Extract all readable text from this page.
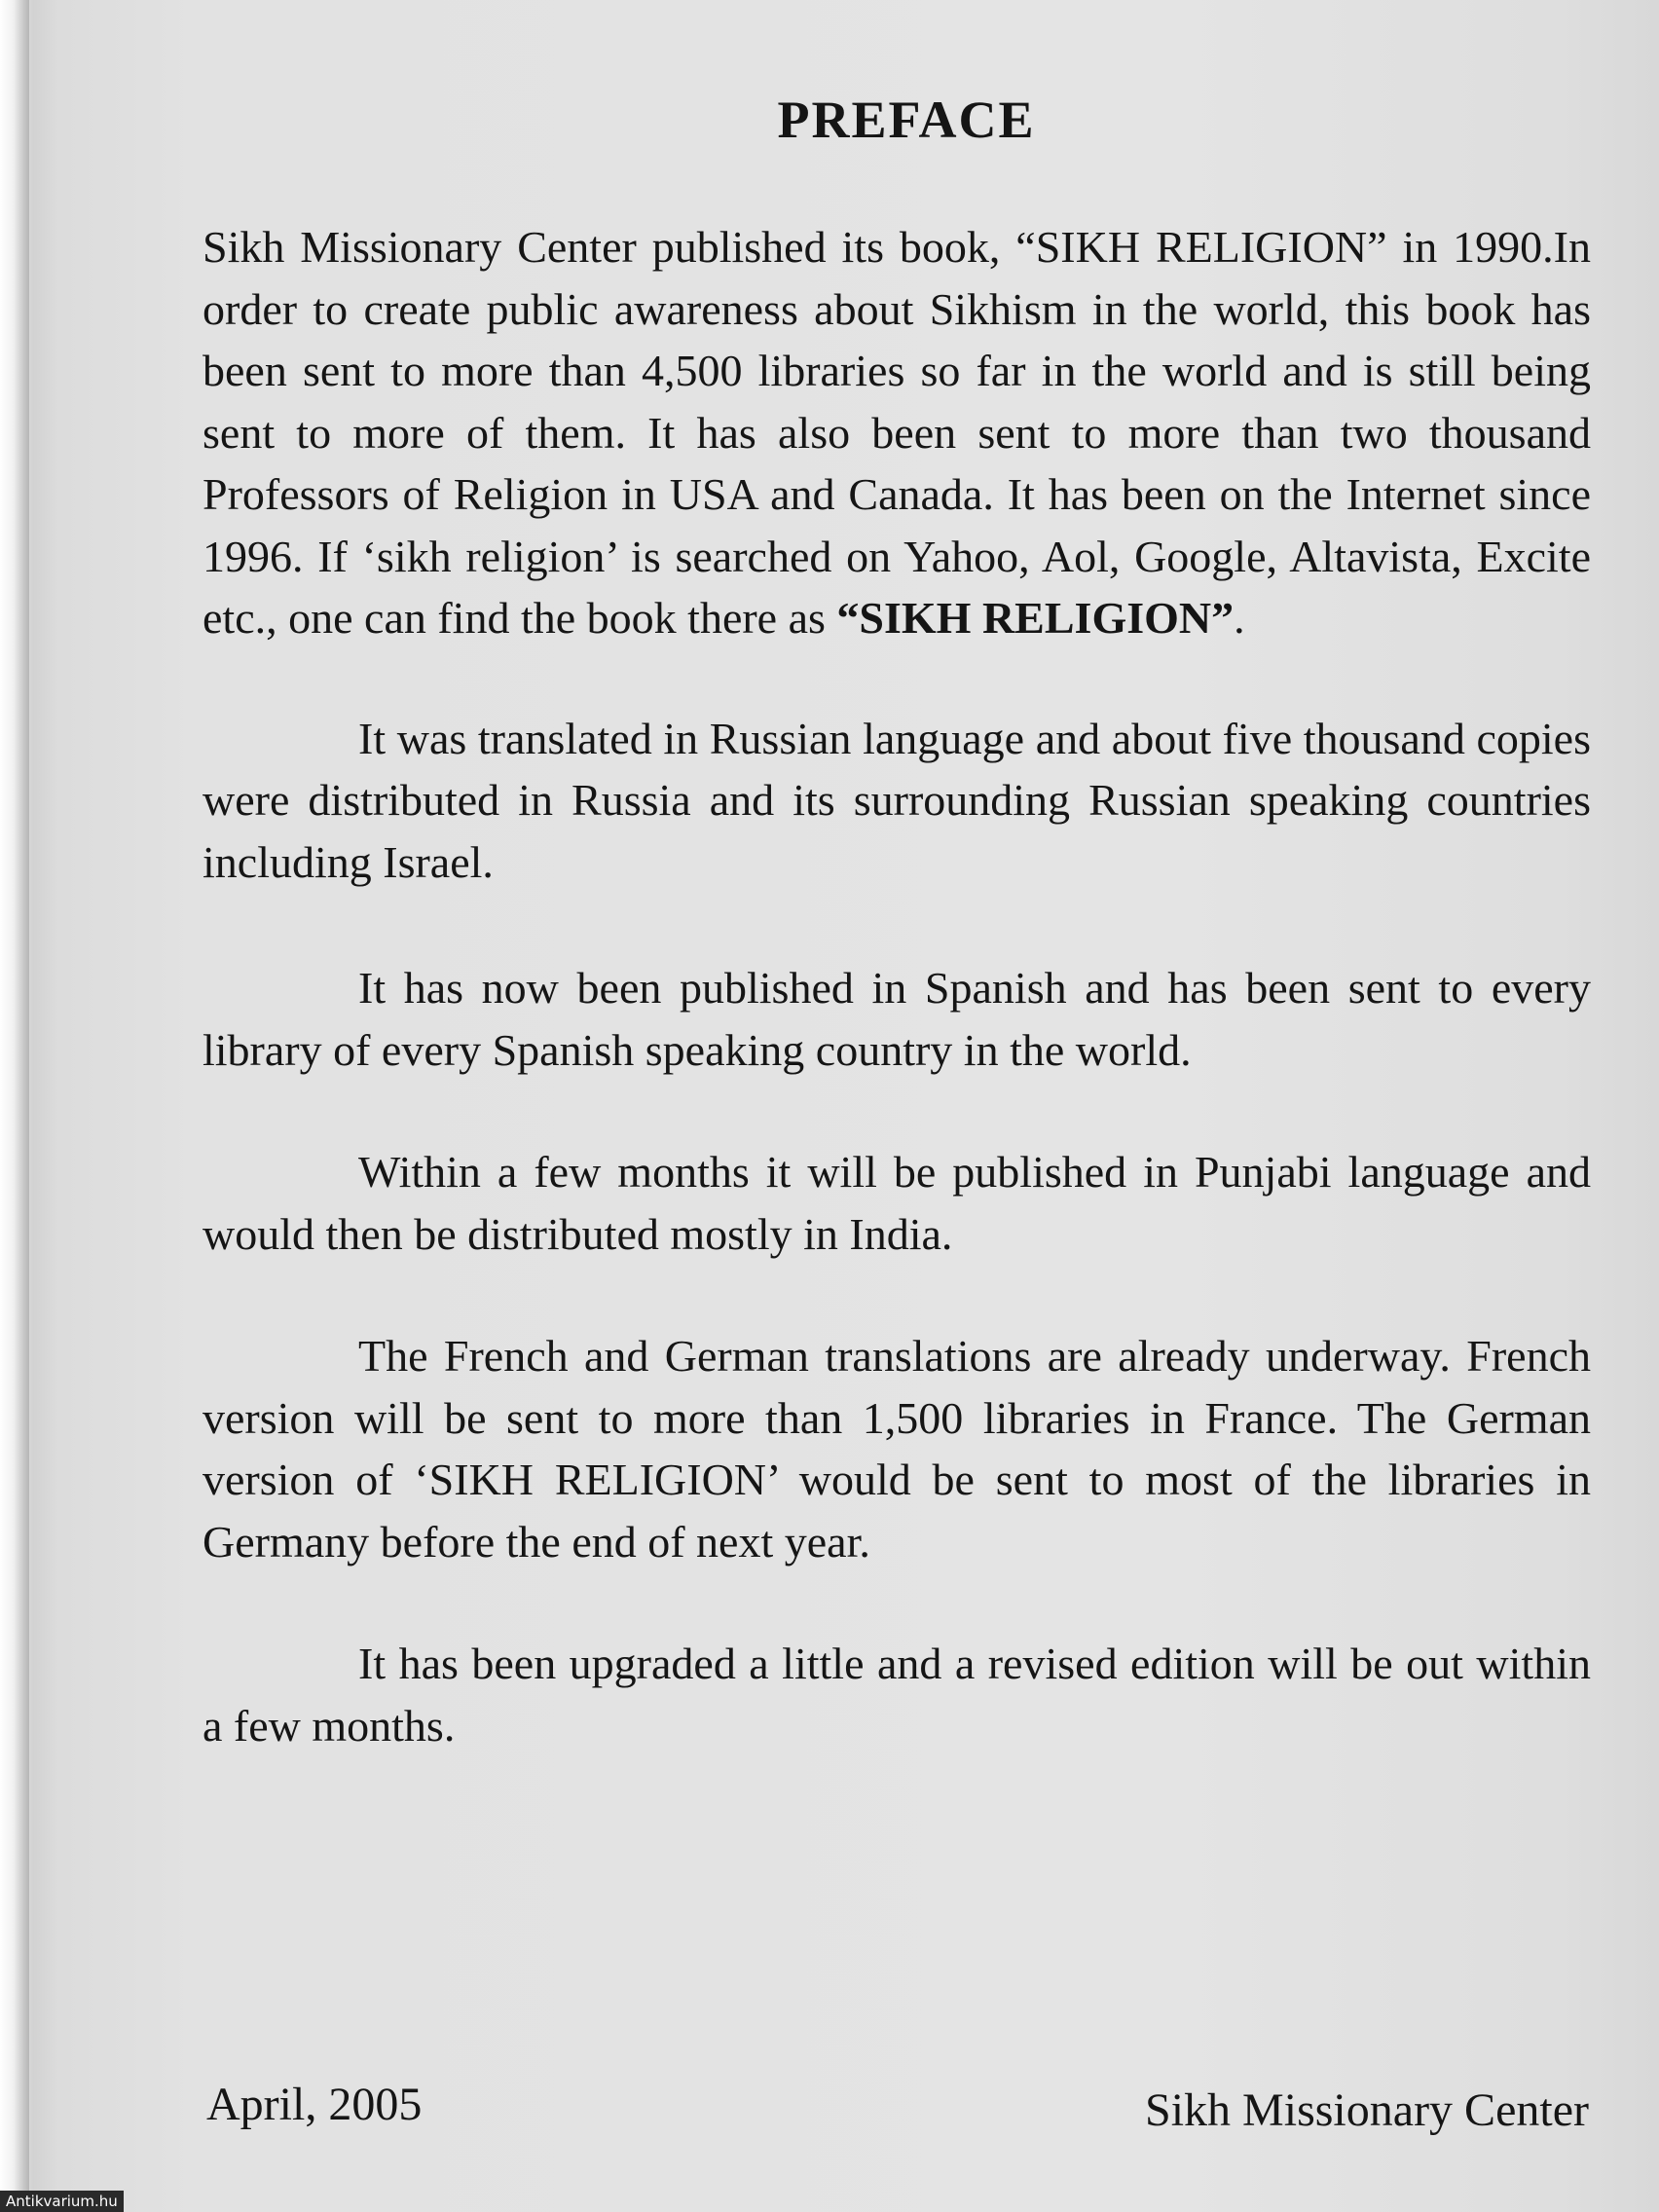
PREFACE

Sikh Missionary Center published its book, “SIKH RELIGION” in 1990.In order to create public awareness about Sikhism in the world, this book has been sent to more than 4,500 libraries so far in the world and is still being sent to more of them. It has also been sent to more than two thousand Professors of Religion in USA and Canada. It has been on the Internet since 1996. If ‘sikh religion’ is searched on Yahoo, Aol, Google, Altavista, Excite etc., one can find the book there as “SIKH RELIGION”.

It was translated in Russian language and about five thousand copies were distributed in Russia and its surrounding Russian speaking countries including Israel.

It has now been published in Spanish and has been sent to every library of every Spanish speaking country in the world.

Within a few months it will be published in Punjabi language and would then be distributed mostly in India.

The French and German translations are already underway. French version will be sent to more than 1,500 libraries in France. The German version of ‘SIKH RELIGION’ would be sent to most of the libraries in Germany before the end of next year.

It has been upgraded a little and a revised edition will be out within a few months.

April, 2005	Sikh Missionary Center
Antikvarium.hu
